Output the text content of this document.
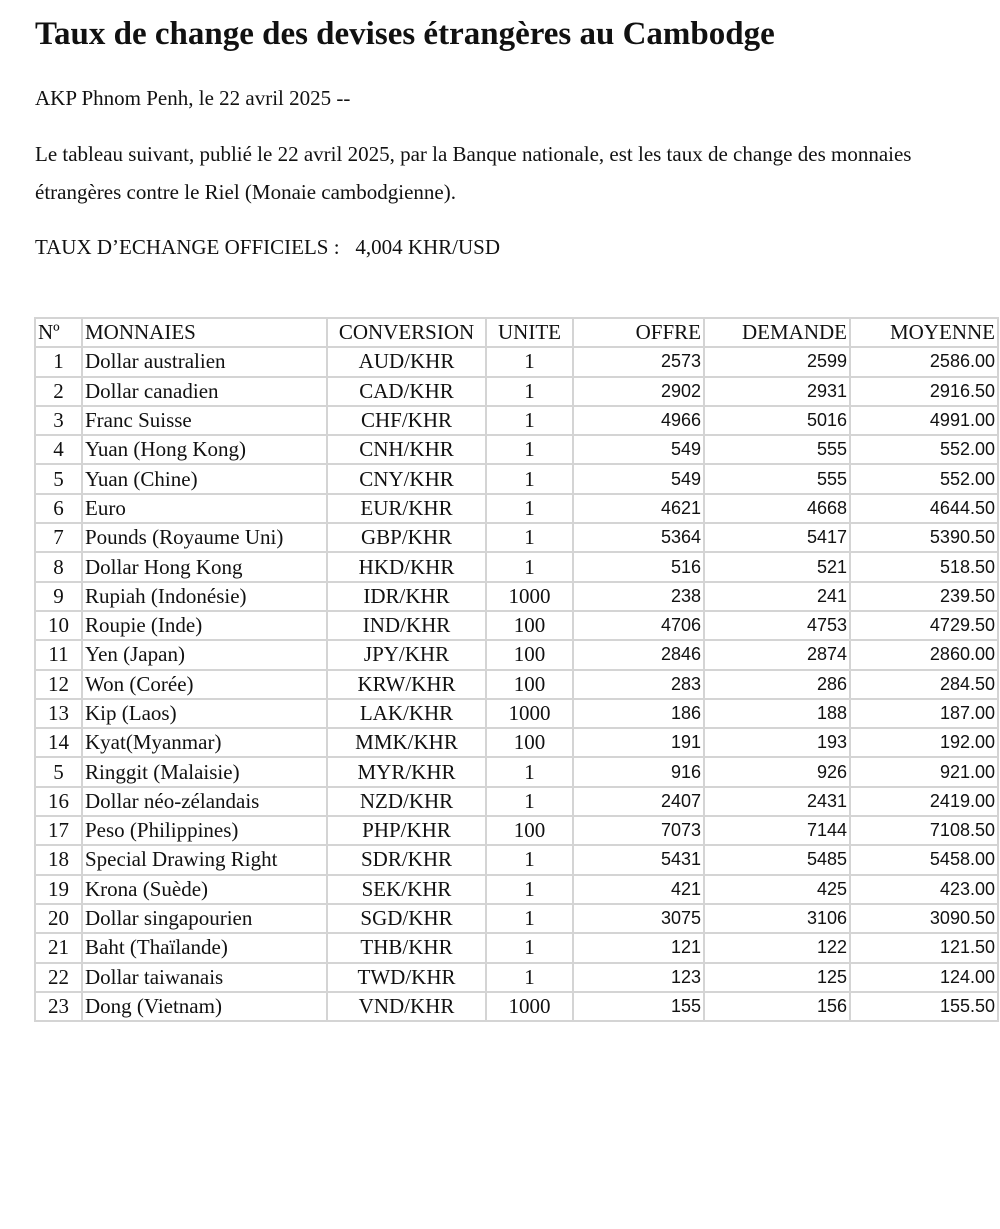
Taux de change des devises étrangères au Cambodge

AKP Phnom Penh, le 22 avril 2025 --

Le tableau suivant, publié le 22 avril 2025, par la Banque nationale, est les taux de change des monnaies étrangères contre le Riel (Monaie cambodgienne).

TAUX D’ECHANGE OFFICIELS : 4,004 KHR/USD

Nº	MONNAIES	CONVERSION	UNITE	OFFRE	DEMANDE	MOYENNE
1	Dollar australien	AUD/KHR	1	2573	2599	2586.00
2	Dollar canadien	CAD/KHR	1	2902	2931	2916.50
3	Franc Suisse	CHF/KHR	1	4966	5016	4991.00
4	Yuan (Hong Kong)	CNH/KHR	1	549	555	552.00
5	Yuan (Chine)	CNY/KHR	1	549	555	552.00
6	Euro	EUR/KHR	1	4621	4668	4644.50
7	Pounds (Royaume Uni)	GBP/KHR	1	5364	5417	5390.50
8	Dollar Hong Kong	HKD/KHR	1	516	521	518.50
9	Rupiah (Indonésie)	IDR/KHR	1000	238	241	239.50
10	Roupie (Inde)	IND/KHR	100	4706	4753	4729.50
11	Yen (Japan)	JPY/KHR	100	2846	2874	2860.00
12	Won (Corée)	KRW/KHR	100	283	286	284.50
13	Kip (Laos)	LAK/KHR	1000	186	188	187.00
14	Kyat(Myanmar)	MMK/KHR	100	191	193	192.00
5	Ringgit (Malaisie)	MYR/KHR	1	916	926	921.00
16	Dollar néo-zélandais	NZD/KHR	1	2407	2431	2419.00
17	Peso (Philippines)	PHP/KHR	100	7073	7144	7108.50
18	Special Drawing Right	SDR/KHR	1	5431	5485	5458.00
19	Krona (Suède)	SEK/KHR	1	421	425	423.00
20	Dollar singapourien	SGD/KHR	1	3075	3106	3090.50
21	Baht (Thaïlande)	THB/KHR	1	121	122	121.50
22	Dollar taiwanais	TWD/KHR	1	123	125	124.00
23	Dong (Vietnam)	VND/KHR	1000	155	156	155.50
